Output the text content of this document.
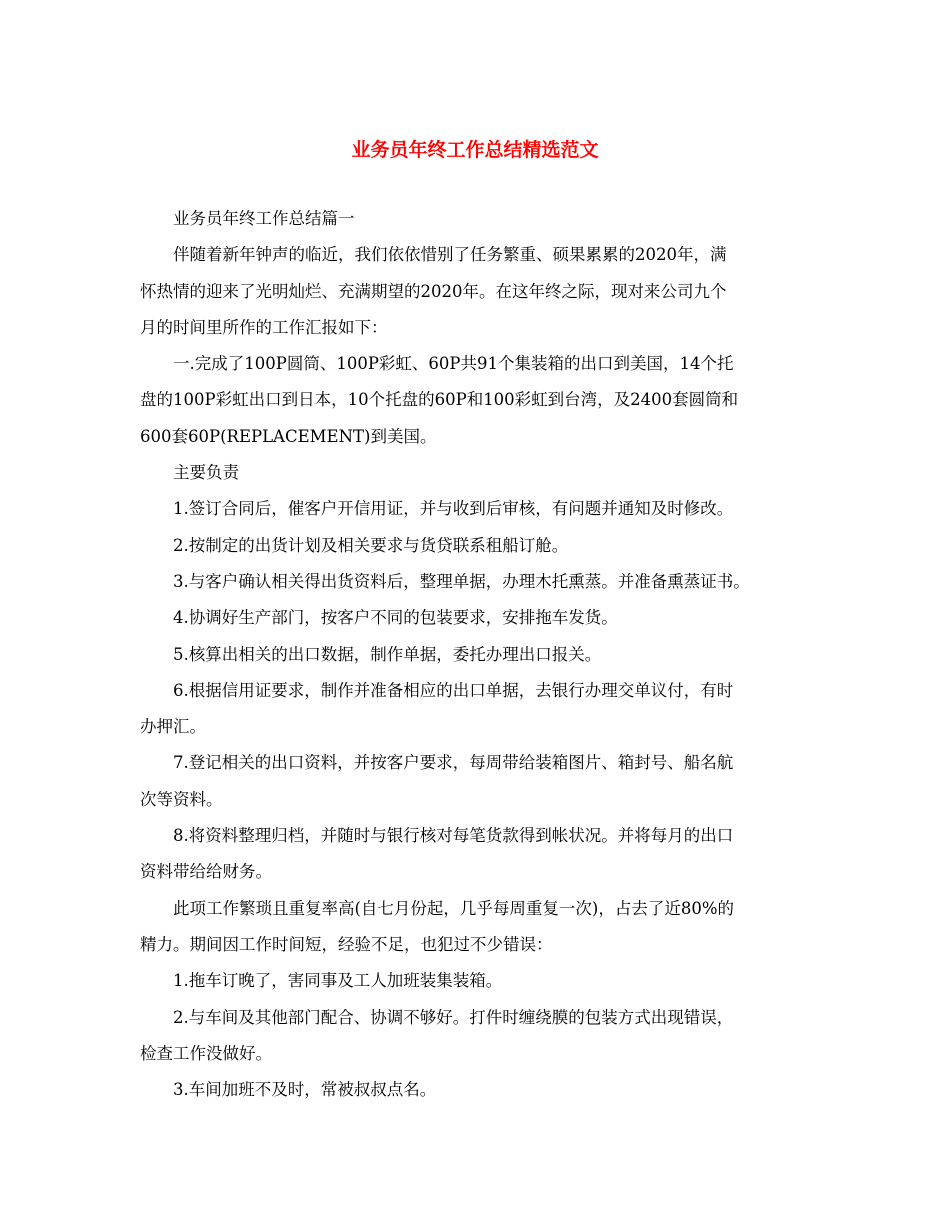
业务员年终工作总结精选范文

业务员年终工作总结篇一

伴随着新年钟声的临近，我们依依惜别了任务繁重、硕果累累的2020年，满
怀热情的迎来了光明灿烂、充满期望的2020年。在这年终之际，现对来公司九个
月的时间里所作的工作汇报如下：

一.完成了100P圆筒、100P彩虹、60P共91个集装箱的出口到美国，14个托
盘的100P彩虹出口到日本，10个托盘的60P和100彩虹到台湾，及2400套圆筒和
600套60P(REPLACEMENT)到美国。

主要负责

1.签订合同后，催客户开信用证，并与收到后审核，有问题并通知及时修改。

2.按制定的出货计划及相关要求与货贷联系租船订舱。

3.与客户确认相关得出货资料后，整理单据，办理木托熏蒸。并准备熏蒸证书。

4.协调好生产部门，按客户不同的包装要求，安排拖车发货。

5.核算出相关的出口数据，制作单据，委托办理出口报关。

6.根据信用证要求，制作并准备相应的出口单据，去银行办理交单议付，有时
办押汇。

7.登记相关的出口资料，并按客户要求，每周带给装箱图片、箱封号、船名航
次等资料。

8.将资料整理归档，并随时与银行核对每笔货款得到帐状况。并将每月的出口
资料带给给财务。

此项工作繁琐且重复率高(自七月份起，几乎每周重复一次)，占去了近80%的
精力。期间因工作时间短，经验不足，也犯过不少错误：

1.拖车订晚了，害同事及工人加班装集装箱。

2.与车间及其他部门配合、协调不够好。打件时缠绕膜的包装方式出现错误，
检查工作没做好。

3.车间加班不及时，常被叔叔点名。
